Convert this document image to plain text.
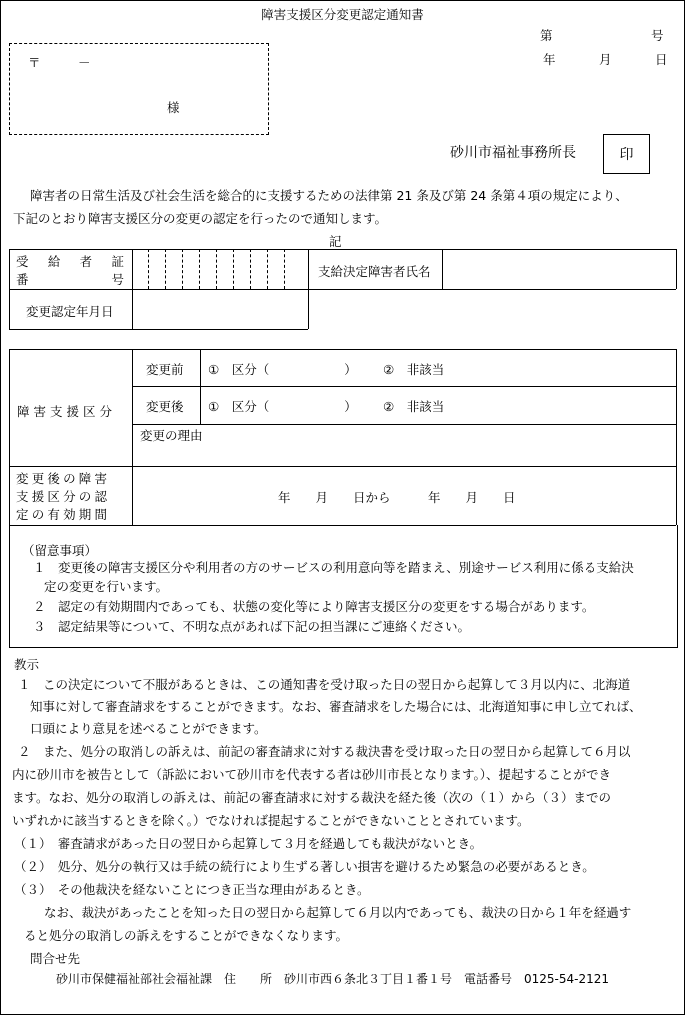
障害支援区分変更認定通知書
第	号
年	月	日
〒	－
様
砂川市福祉事務所長	印
障害者の日常生活及び社会生活を総合的に支援するための法律第 21 条及び第 24 条第４項の規定により、
下記のとおり障害支援区分の変更の認定を行ったので通知します。
記
受 給 者 証
番	号
支給決定障害者氏名
変更認定年月日
障害支援区分
変更前 ①　区分（　　　　　　） ②　非該当
変更後 ①　区分（　　　　　　） ②　非該当
変更の理由
変更後の障害
支援区分の認
定の有効期間
年　　月　　日から　　　年　　月　　日
（留意事項）
１　変更後の障害支援区分や利用者の方のサービスの利用意向等を踏まえ、別途サービス利用に係る支給決
定の変更を行います。
２　認定の有効期間内であっても、状態の変化等により障害支援区分の変更をする場合があります。
３　認定結果等について、不明な点があれば下記の担当課にご連絡ください。
教示
１　この決定について不服があるときは、この通知書を受け取った日の翌日から起算して３月以内に、北海道
知事に対して審査請求をすることができます。なお、審査請求をした場合には、北海道知事に申し立てれば、
口頭により意見を述べることができます。
２　また、処分の取消しの訴えは、前記の審査請求に対する裁決書を受け取った日の翌日から起算して６月以
内に砂川市を被告として（訴訟において砂川市を代表する者は砂川市長となります。）、提起することができ
ます。なお、処分の取消しの訴えは、前記の審査請求に対する裁決を経た後（次の（１）から（３）までの
いずれかに該当するときを除く。）でなければ提起することができないこととされています。
（１）　審査請求があった日の翌日から起算して３月を経過しても裁決がないとき。
（２）　処分、処分の執行又は手続の続行により生ずる著しい損害を避けるため緊急の必要があるとき。
（３）　その他裁決を経ないことにつき正当な理由があるとき。
なお、裁決があったことを知った日の翌日から起算して６月以内であっても、裁決の日から１年を経過す
ると処分の取消しの訴えをすることができなくなります。
問合せ先
砂川市保健福祉部社会福祉課　住　　所　砂川市西６条北３丁目１番１号　電話番号　0125-54-2121
